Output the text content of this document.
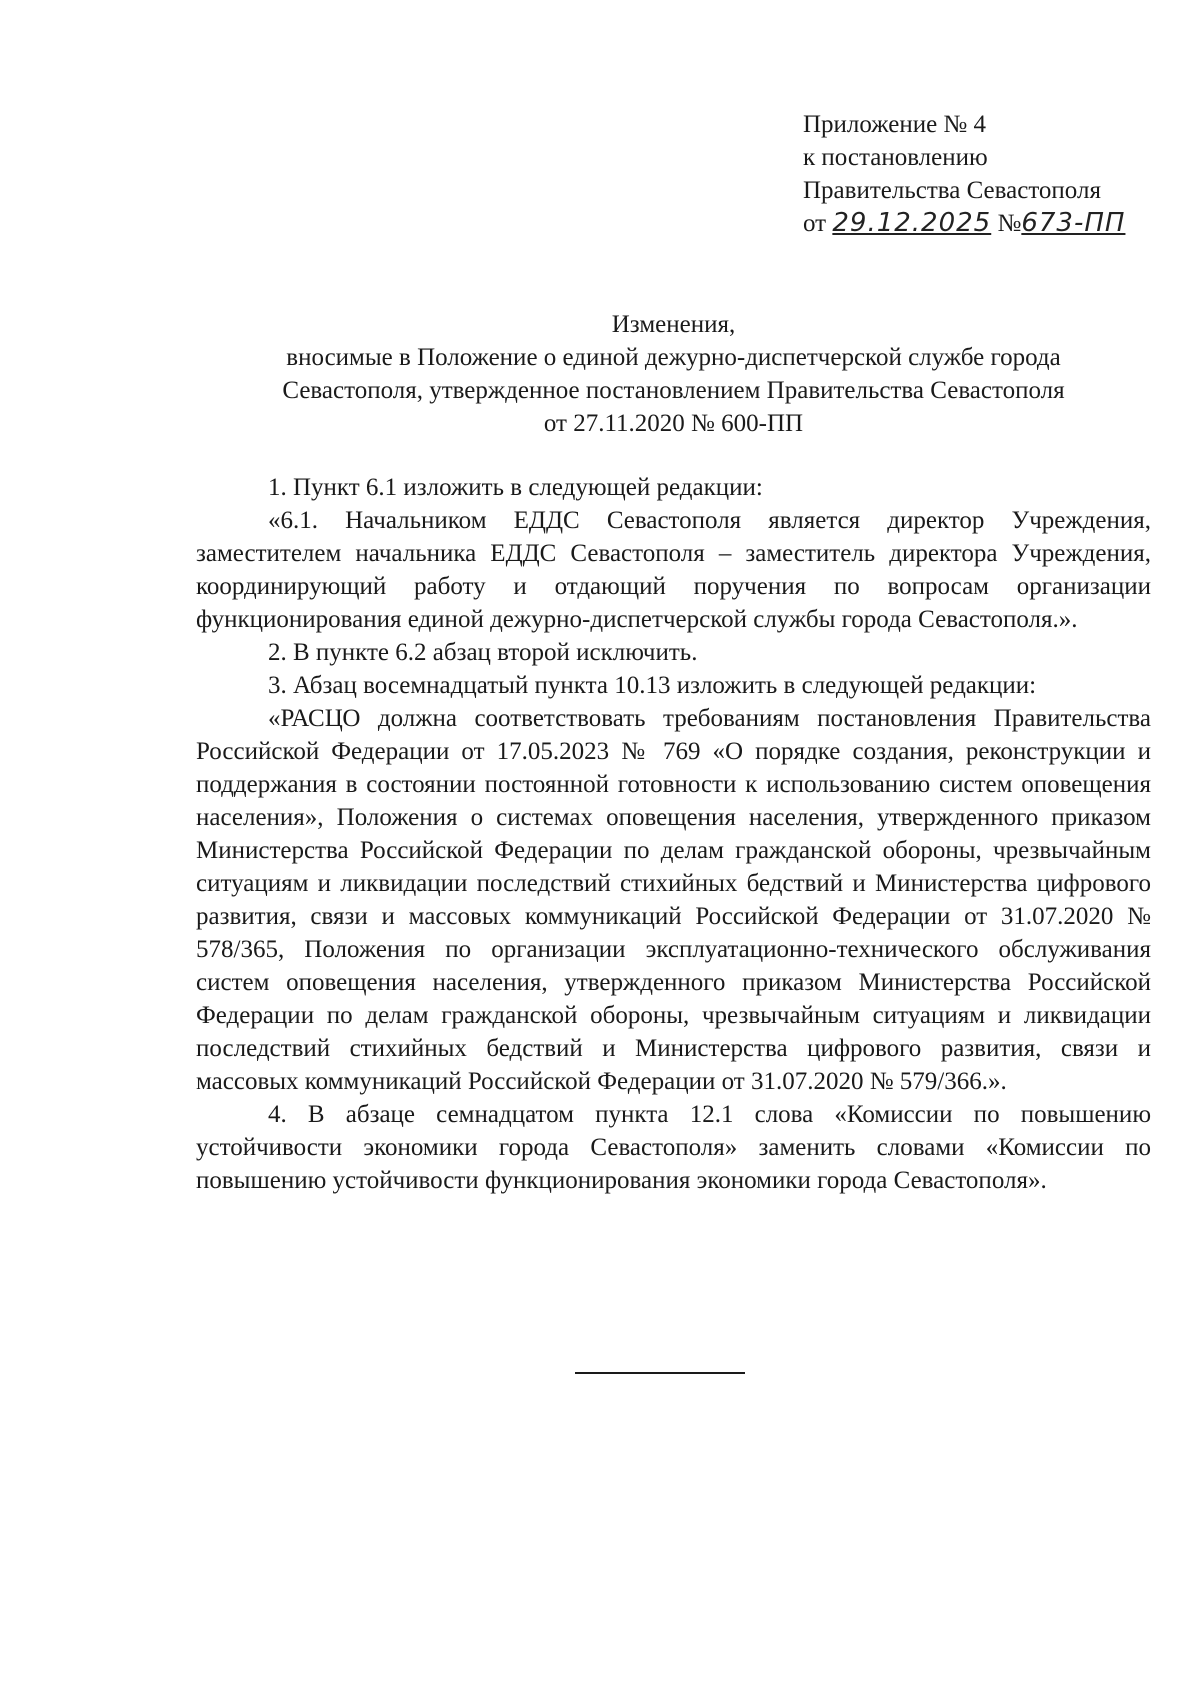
Приложение № 4
к постановлению
Правительства Севастополя
от 29.12.2025 №673-ПП
Изменения,
вносимые в Положение о единой дежурно-диспетчерской службе города
Севастополя, утвержденное постановлением Правительства Севастополя
от 27.11.2020 № 600-ПП

1. Пункт 6.1 изложить в следующей редакции:

«6.1. Начальником ЕДДС Севастополя является директор Учреждения, заместителем начальника ЕДДС Севастополя – заместитель директора Учреждения, координирующий работу и отдающий поручения по вопросам организации функционирования единой дежурно-диспетчерской службы города Севастополя.».

2. В пункте 6.2 абзац второй исключить.

3. Абзац восемнадцатый пункта 10.13 изложить в следующей редакции:

«РАСЦО должна соответствовать требованиям постановления Правительства Российской Федерации от 17.05.2023 № 769 «О порядке создания, реконструкции и поддержания в состоянии постоянной готовности к использованию систем оповещения населения», Положения о системах оповещения населения, утвержденного приказом Министерства Российской Федерации по делам гражданской обороны, чрезвычайным ситуациям и ликвидации последствий стихийных бедствий и Министерства цифрового развития, связи и массовых коммуникаций Российской Федерации от 31.07.2020 № 578/365, Положения по организации эксплуатационно-технического обслуживания систем оповещения населения, утвержденного приказом Министерства Российской Федерации по делам гражданской обороны, чрезвычайным ситуациям и ликвидации последствий стихийных бедствий и Министерства цифрового развития, связи и массовых коммуникаций Российской Федерации от 31.07.2020 № 579/366.».

4. В абзаце семнадцатом пункта 12.1 слова «Комиссии по повышению устойчивости экономики города Севастополя» заменить словами «Комиссии по повышению устойчивости функционирования экономики города Севастополя».
